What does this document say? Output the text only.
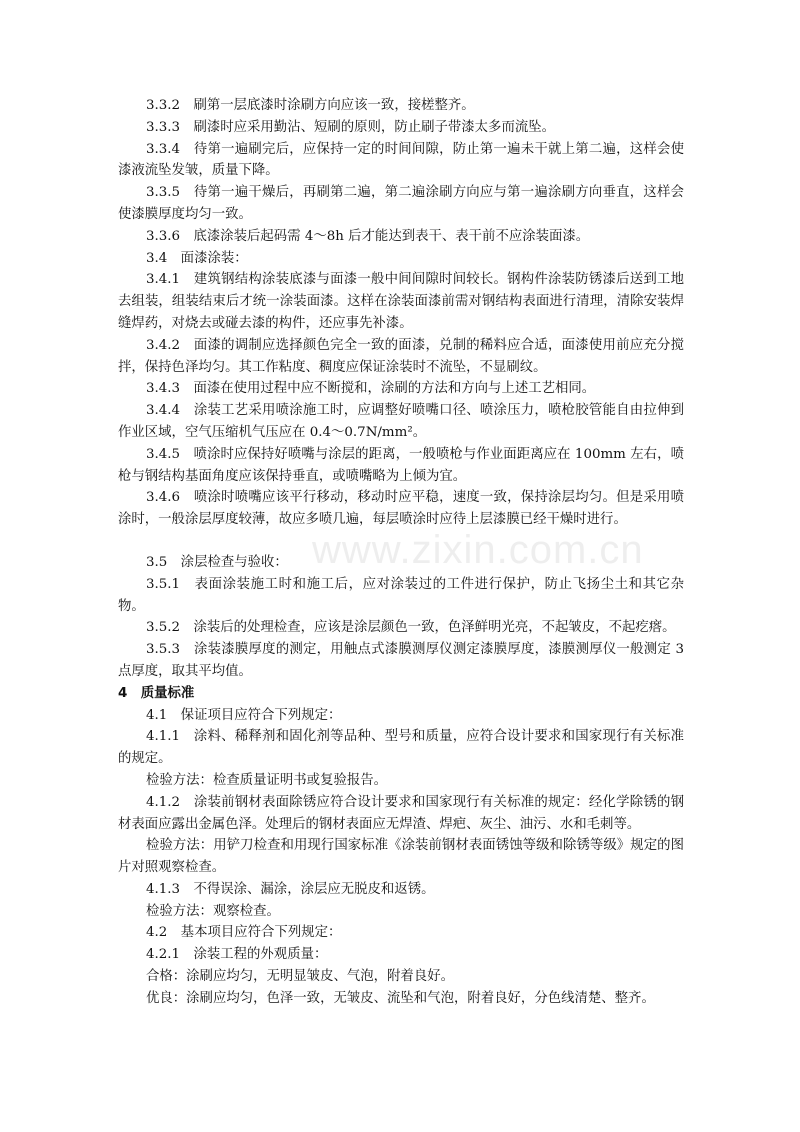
www.zixin.com.cn

3.3.2　刷第一层底漆时涂刷方向应该一致，接槎整齐。

3.3.3　刷漆时应采用勤沾、短刷的原则，防止刷子带漆太多而流坠。

3.3.4　待第一遍刷完后，应保持一定的时间间隙，防止第一遍未干就上第二遍，这样会使漆液流坠发皱，质量下降。

3.3.5　待第一遍干燥后，再刷第二遍，第二遍涂刷方向应与第一遍涂刷方向垂直，这样会使漆膜厚度均匀一致。

3.3.6　底漆涂装后起码需 4～8h 后才能达到表干、表干前不应涂装面漆。

3.4　面漆涂装：

3.4.1　建筑钢结构涂装底漆与面漆一般中间间隙时间较长。钢构件涂装防锈漆后送到工地去组装，组装结束后才统一涂装面漆。这样在涂装面漆前需对钢结构表面进行清理，清除安装焊缝焊药，对烧去或碰去漆的构件，还应事先补漆。

3.4.2　面漆的调制应选择颜色完全一致的面漆，兑制的稀料应合适，面漆使用前应充分搅拌，保持色泽均匀。其工作粘度、稠度应保证涂装时不流坠，不显刷纹。

3.4.3　面漆在使用过程中应不断搅和，涂刷的方法和方向与上述工艺相同。

3.4.4　涂装工艺采用喷涂施工时，应调整好喷嘴口径、喷涂压力，喷枪胶管能自由拉伸到作业区域，空气压缩机气压应在 0.4～0.7N/mm²。

3.4.5　喷涂时应保持好喷嘴与涂层的距离，一般喷枪与作业面距离应在 100mm 左右，喷枪与钢结构基面角度应该保持垂直，或喷嘴略为上倾为宜。

3.4.6　喷涂时喷嘴应该平行移动，移动时应平稳，速度一致，保持涂层均匀。但是采用喷涂时，一般涂层厚度较薄，故应多喷几遍，每层喷涂时应待上层漆膜已经干燥时进行。

3.5　涂层检查与验收：

3.5.1　表面涂装施工时和施工后，应对涂装过的工件进行保护，防止飞扬尘土和其它杂物。

3.5.2　涂装后的处理检查，应该是涂层颜色一致，色泽鲜明光亮，不起皱皮，不起疙瘩。

3.5.3　涂装漆膜厚度的测定，用触点式漆膜测厚仪测定漆膜厚度，漆膜测厚仪一般测定 3 点厚度，取其平均值。

4　质量标准

4.1　保证项目应符合下列规定：

4.1.1　涂料、稀释剂和固化剂等品种、型号和质量，应符合设计要求和国家现行有关标准的规定。

检验方法：检查质量证明书或复验报告。

4.1.2　涂装前钢材表面除锈应符合设计要求和国家现行有关标准的规定：经化学除锈的钢材表面应露出金属色泽。处理后的钢材表面应无焊渣、焊疤、灰尘、油污、水和毛刺等。

检验方法：用铲刀检查和用现行国家标准《涂装前钢材表面锈蚀等级和除锈等级》规定的图片对照观察检查。

4.1.3　不得误涂、漏涂，涂层应无脱皮和返锈。

检验方法：观察检查。

4.2　基本项目应符合下列规定：

4.2.1　涂装工程的外观质量：

合格：涂刷应均匀，无明显皱皮、气泡，附着良好。

优良：涂刷应均匀，色泽一致，无皱皮、流坠和气泡，附着良好，分色线清楚、整齐。
